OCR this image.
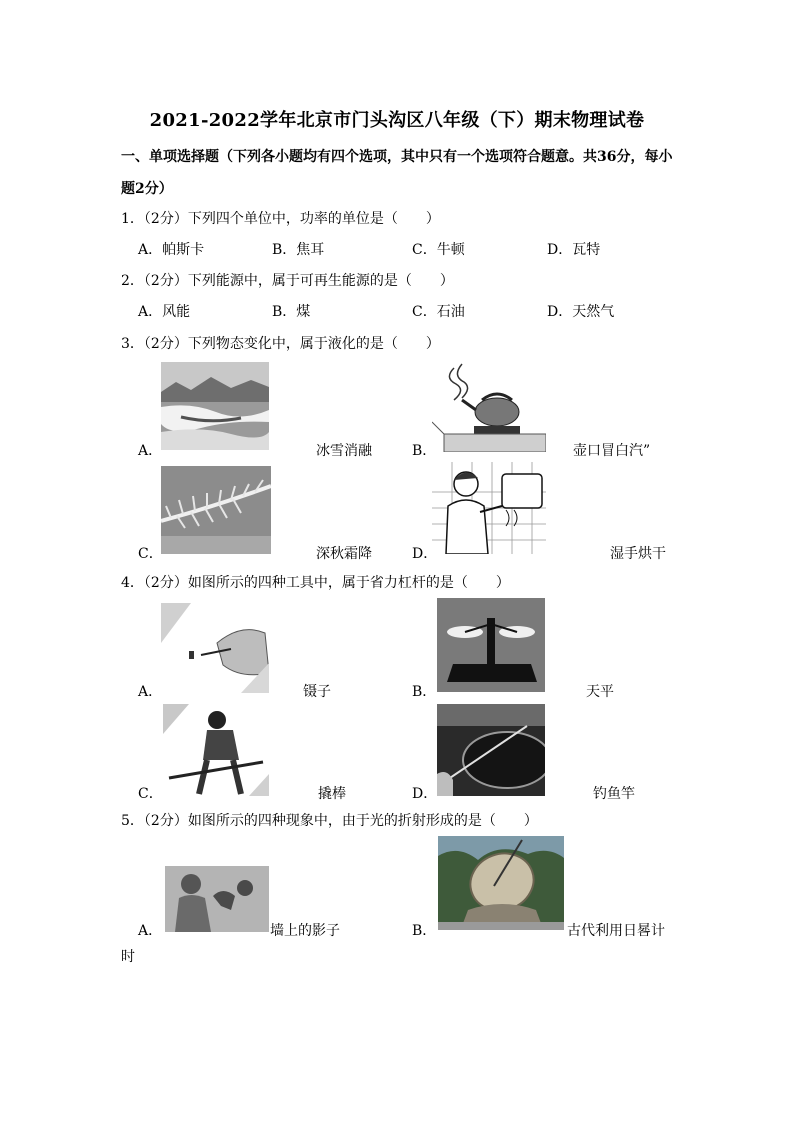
2021-2022学年北京市门头沟区八年级（下）期末物理试卷
一、单项选择题（下列各小题均有四个选项，其中只有一个选项符合题意。共36分，每小
题2分）
1．（2分）下列四个单位中，功率的单位是（　　）
A．帕斯卡	B．焦耳	C．牛顿	D．瓦特
2．（2分）下列能源中，属于可再生能源的是（　　）
A．风能	B．煤	C．石油	D．天然气
3．（2分）下列物态变化中，属于液化的是（　　）
A．	冰雪消融	B．	壶口冒白汽”
C．	深秋霜降	D．	湿手烘干
4．（2分）如图所示的四种工具中，属于省力杠杆的是（　　）
A．	镊子	B．	天平
C．	撬棒	D．	钓鱼竿
5．（2分）如图所示的四种现象中，由于光的折射形成的是（　　）
A．	墙上的影子	B．	古代利用日晷计
时
